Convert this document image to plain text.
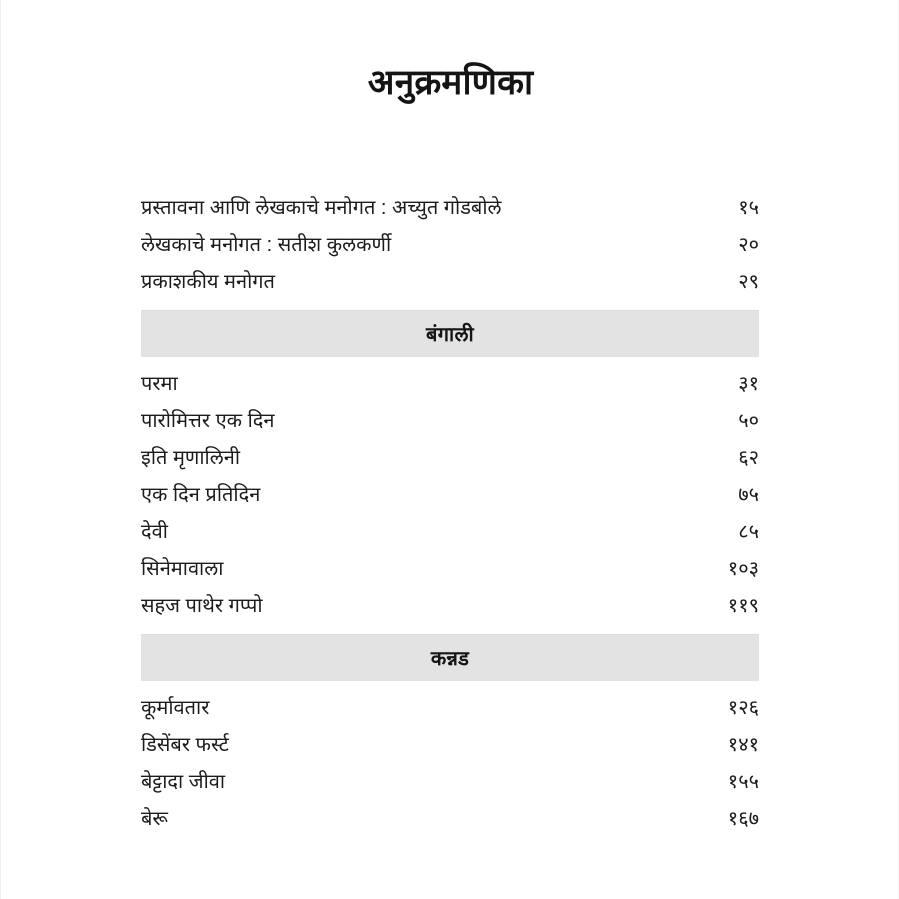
अनुक्रमणिका
प्रस्तावना आणि लेखकाचे मनोगत : अच्युत गोडबोले	१५
लेखकाचे मनोगत : सतीश कुलकर्णी	२०
प्रकाशकीय मनोगत	२९
बंगाली
परमा	३१
पारोमित्तर एक दिन	५०
इति मृणालिनी	६२
एक दिन प्रतिदिन	७५
देवी	८५
सिनेमावाला	१०३
सहज पाथेर गप्पो	११९
कन्नड
कूर्मावतार	१२६
डिसेंबर फर्स्ट	१४१
बेट्टादा जीवा	१५५
बेरू	१६७
